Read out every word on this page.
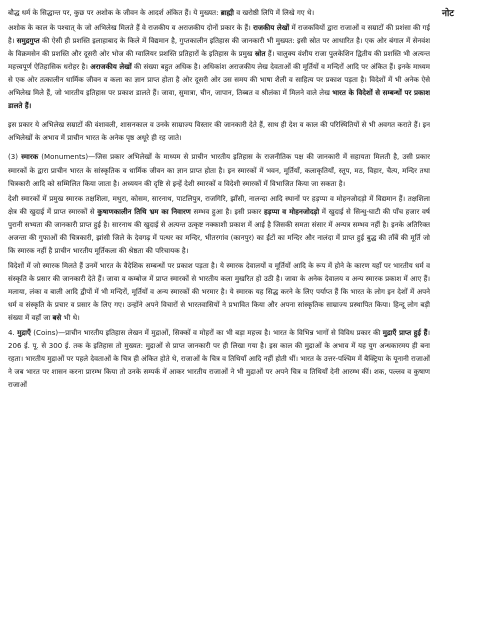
नोट

बौद्ध धर्म के सिद्धान्त पर, कुछ पर अशोक के जीवन के आदर्श अंकित हैं। ये मुख्यत: ब्राह्मी व खरोष्ठी लिपि में लिखे गए थे।

अशोक के काल के पश्चात् के जो अभिलेख मिलते हैं वे राजकीय व अराजकीय दोनों प्रकार के हैं। राजकीय लेखों में राजकवियों द्वारा राजाओं व सम्राटों की प्रशंसा की गई है। समुद्रगुप्त की ऐसी ही प्रशस्ति इलाहाबाद के किले में विद्यमान है, गुप्तकालीन इतिहास की जानकारी भी मुख्यत: इसी स्रोत पर आधारित है। एक ओर बंगाल में सेनवंश के विक्रमसेन की प्रशस्ति और दूसरी ओर भोज की ग्वालियर प्रशस्ति प्रतिहारों के इतिहास के प्रमुख स्रोत हैं। चालुक्य वंशीय राजा पुलकेशिन द्वितीय की प्रशस्ति भी अत्यन्त महत्त्वपूर्ण ऐतिहासिक धरोहर है। अराजकीय लेखों की संख्या बहुत अधिक है। अधिकांश अराजकीय लेख देवताओं की मूर्तियों व मन्दिरों आदि पर अंकित हैं। इनके माध्यम से एक ओर तत्कालीन धार्मिक जीवन व कला का ज्ञान प्राप्त होता है ओर दूसरी ओर उस समय की भाषा शैली व साहित्य पर प्रकाश पड़ता है। विदेशों में भी अनेक ऐसे अभिलेख मिले हैं, जो भारतीय इतिहास पर प्रकाश डालते हैं। जावा, सुमात्रा, चीन, जापान, तिब्बत व श्रीलंका में मिलने वाले लेख भारत के विदेशों से सम्बन्धों पर प्रकाश डालते हैं।

इस प्रकार ये अभिलेख सम्राटों की वंशावली, शासनकाल व उनके साम्राज्य विस्तार की जानकारी देते हैं, साथ ही देश व काल की परिस्थितियों से भी अवगत कराते हैं। इन अभिलेखों के अभाव में प्राचीन भारत के अनेक पृष्ठ अधूरे ही रह जाते।

(3) स्मारक (Monuments)—जिस प्रकार अभिलेखों के माध्यम से प्राचीन भारतीय इतिहास के राजनीतिक पक्ष की जानकारी में सहायता मिलती है, उसी प्रकार स्मारकों के द्वारा प्राचीन भारत के सांस्कृतिक व धार्मिक जीवन का ज्ञान प्राप्त होता है। इन स्मारकों में भवन, मूर्तियाँ, कलाकृतियाँ, स्तूप, मठ, विहार, चैत्य, मन्दिर तथा चित्रकारी आदि को सम्मिलित किया जाता है। अध्ययन की दृष्टि से इन्हें देशी स्मारकों व विदेशी स्मारकों में विभाजित किया जा सकता है।

देशी स्मारकों में प्रमुख स्मारक तक्षशिला, मथुरा, कोसम, सारनाथ, पाटलिपुत्र, राजगिरि, झाँसी, नालन्दा आदि स्थानों पर हड़प्पा व मोहनजोदड़ो में विद्यमान हैं। तक्षशिला क्षेत्र की खुदाई में प्राप्त स्मारकों से कुषाणकालीन तिथि भ्रम का निवारण सम्भव हुआ है। इसी प्रकार हड़प्पा व मोहनजोदड़ो में खुदाई से सिन्धु-घाटी की पाँच हजार वर्ष पुरानी सभ्यता की जानकारी प्राप्त हुई है। सारनाथ की खुदाई से अत्यन्त उत्कृष्ट नक्काशी प्रकाश में आई है जिसकी समता संसार में अन्यत्र सम्भव नहीं है। इनके अतिरिक्त अजन्ता की गुफाओं की चित्रकारी, झांसी जिले के देवगढ़ में पत्थर का मन्दिर, भीतरगांव (कानपुर) का ईंटों का मन्दिर और नालंदा में प्राप्त हुई बुद्ध की ताँबें की मूर्ति जो कि स्मारक नहीं है प्राचीन भारतीय मूर्तिकला की श्रेष्ठता की परिचायक है।

विदेशों में जो स्मारक मिलते हैं उनमें भारत के वैदेशिक सम्बन्धों पर प्रकाश पड़ता है। ये स्मारक देवालयों व मूर्तियों आदि के रूप में होने के कारण यहाँ पर भारतीय धर्म व संस्कृति के प्रसार की जानकारी देते हैं। जावा व कम्बोज में प्राप्त स्मारकों से भारतीय कला मुखरित हो उठी है। जावा के अनेक देवालय व अन्य स्मारक प्रकाश में आए हैं। मलाया, लंका व बाली आदि द्वीपों में भी मन्दिरों, मूर्तियों व अन्य स्मारकों की भरमार है। ये स्मारक यह सिद्ध करने के लिए पर्याप्त हैं कि भारत के लोग इन देशों में अपने धर्म व संस्कृति के प्रचार व प्रसार के लिए गए। उन्होंने अपने विचारों से भारतवासियों ने प्रभावित किया और अपना सांस्कृतिक साम्राज्य प्रस्थापित किया। हिन्दू लोग बड़ी संख्या में वहाँ जा बसे भी थे।

4. मुद्राएँ (Coins)—प्राचीन भारतीय इतिहास लेखन में मुद्राओं, सिक्कों व मोहरों का भी बड़ा महत्त्व है। भारत के विभिन्न भागों से विविध प्रकार की मुद्राएँ प्राप्त हुई हैं। 206 ई. पू. से 300 ई. तक के इतिहास तो मुख्यत: मुद्राओं से प्राप्त जानकारी पर ही लिखा गया है। इस काल की मुद्राओं के अभाव में यह युग अन्धकारमय ही बना रहता। भारतीय मुद्राओं पर पहले देवताओं के चित्र ही अंकित होते थे, राजाओं के चित्र व तिथियाँ आदि नहीं होती थीं। भारत के उत्तर-पश्चिम में बैक्ट्रिया के यूनानी राजाओं ने जब भारत पर शासन करना प्रारम्भ किया तो उनके सम्पर्क में आकर भारतीय राजाओं ने भी मुद्राओं पर अपने चित्र व तिथियाँ देनी आरम्भ कीं। शक, पल्लव व कुषाण राजाओं
